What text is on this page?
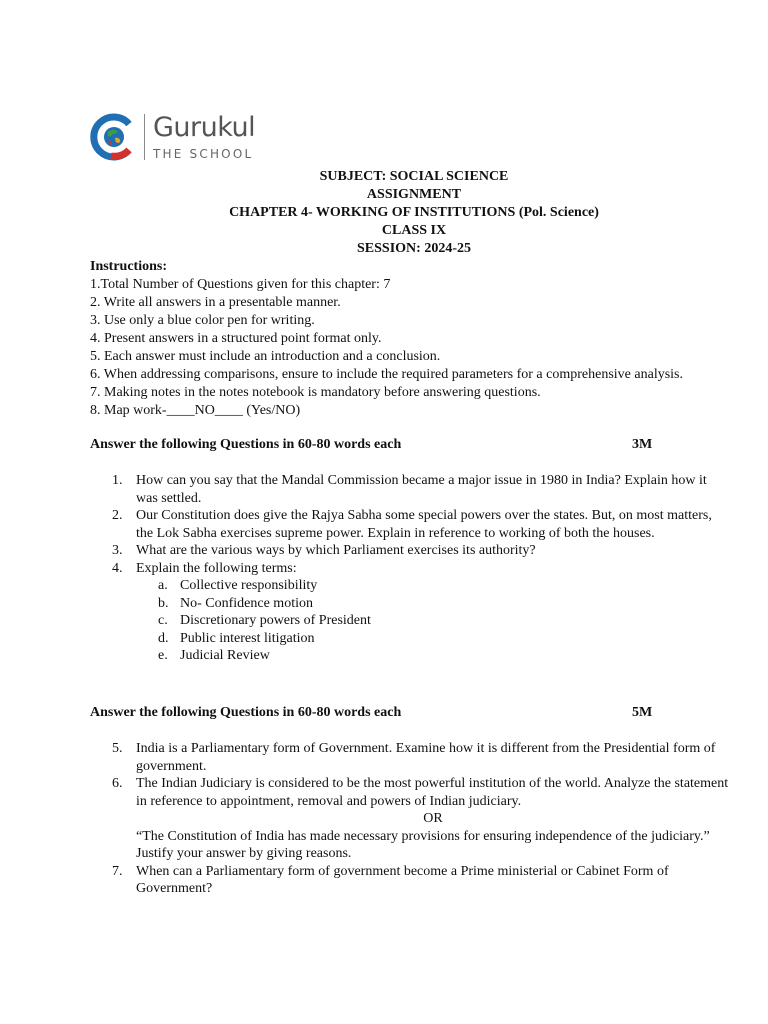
Gurukul
THE SCHOOL
SUBJECT: SOCIAL SCIENCE
ASSIGNMENT
CHAPTER 4- WORKING OF INSTITUTIONS (Pol. Science)
CLASS IX
SESSION: 2024-25
Instructions:
1.Total Number of Questions given for this chapter: 7
2. Write all answers in a presentable manner.
3. Use only a blue color pen for writing.
4. Present answers in a structured point format only.
5. Each answer must include an introduction and a conclusion.
6. When addressing comparisons, ensure to include the required parameters for a comprehensive analysis.
7. Making notes in the notes notebook is mandatory before answering questions.
8. Map work-____NO____ (Yes/NO)
Answer the following Questions in 60-80 words each	3M
1. How can you say that the Mandal Commission became a major issue in 1980 in India? Explain how it was settled.
2. Our Constitution does give the Rajya Sabha some special powers over the states. But, on most matters, the Lok Sabha exercises supreme power. Explain in reference to working of both the houses.
3. What are the various ways by which Parliament exercises its authority?
4. Explain the following terms:
a. Collective responsibility
b. No- Confidence motion
c. Discretionary powers of President
d. Public interest litigation
e. Judicial Review
Answer the following Questions in 60-80 words each	5M
5. India is a Parliamentary form of Government. Examine how it is different from the Presidential form of government.
6. The Indian Judiciary is considered to be the most powerful institution of the world. Analyze the statement in reference to appointment, removal and powers of Indian judiciary.
OR
“The Constitution of India has made necessary provisions for ensuring independence of the judiciary.” Justify your answer by giving reasons.
7. When can a Parliamentary form of government become a Prime ministerial or Cabinet Form of Government?
